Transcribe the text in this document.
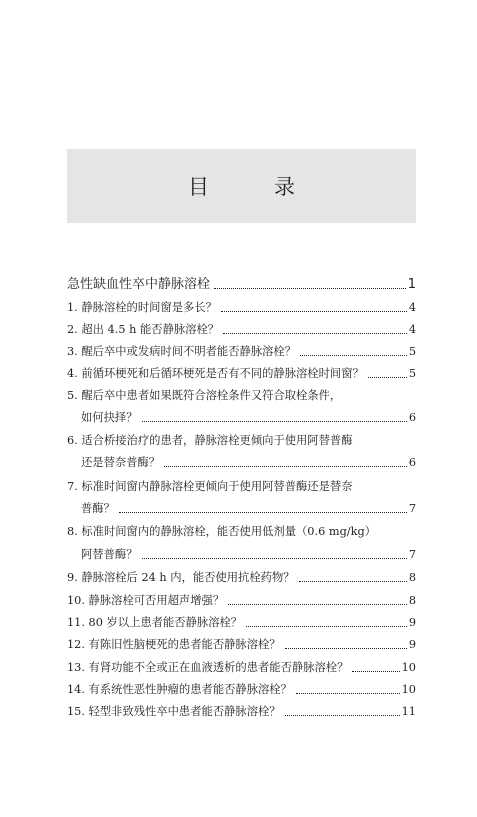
目　录
急性缺血性卒中静脉溶栓	1
1. 静脉溶栓的时间窗是多长？	4
2. 超出 4.5 h 能否静脉溶栓？	4
3. 醒后卒中或发病时间不明者能否静脉溶栓？	5
4. 前循环梗死和后循环梗死是否有不同的静脉溶栓时间窗？	5
5. 醒后卒中患者如果既符合溶栓条件又符合取栓条件，
如何抉择？	6
6. 适合桥接治疗的患者，静脉溶栓更倾向于使用阿替普酶
还是替奈普酶？	6
7. 标准时间窗内静脉溶栓更倾向于使用阿替普酶还是替奈
普酶？	7
8. 标准时间窗内的静脉溶栓，能否使用低剂量（0.6 mg/kg）
阿替普酶？	7
9. 静脉溶栓后 24 h 内，能否使用抗栓药物？	8
10. 静脉溶栓可否用超声增强？	8
11. 80 岁以上患者能否静脉溶栓？	9
12. 有陈旧性脑梗死的患者能否静脉溶栓？	9
13. 有肾功能不全或正在血液透析的患者能否静脉溶栓？	10
14. 有系统性恶性肿瘤的患者能否静脉溶栓？	10
15. 轻型非致残性卒中患者能否静脉溶栓？	11
